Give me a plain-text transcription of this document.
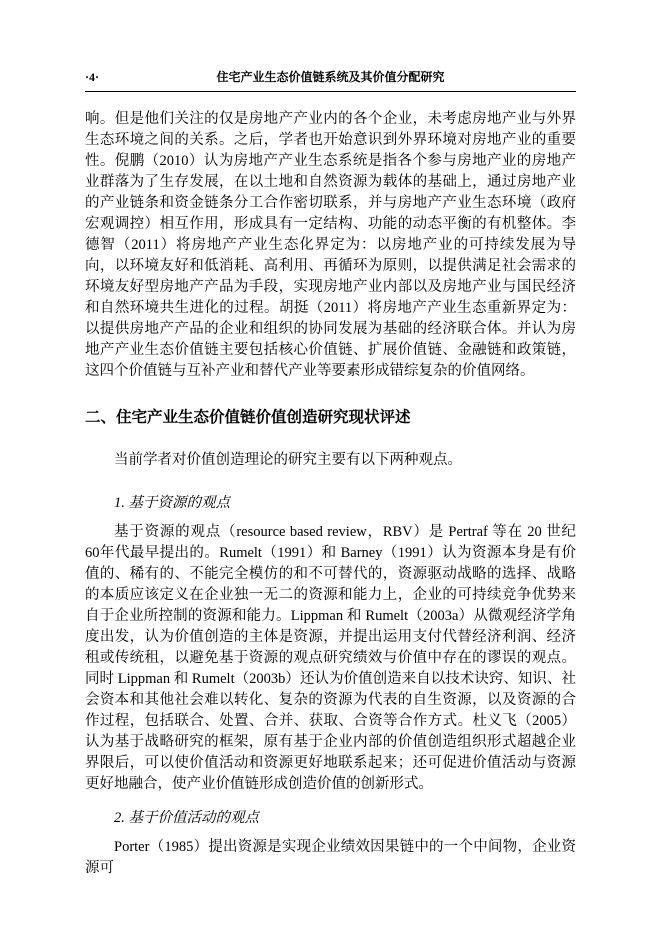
·4·	住宅产业生态价值链系统及其价值分配研究

响。但是他们关注的仅是房地产产业内的各个企业，未考虑房地产业与外界生态环境之间的关系。之后，学者也开始意识到外界环境对房地产业的重要性。倪鹏（2010）认为房地产产业生态系统是指各个参与房地产业的房地产业群落为了生存发展，在以土地和自然资源为载体的基础上，通过房地产业的产业链条和资金链条分工合作密切联系，并与房地产产业生态环境（政府宏观调控）相互作用，形成具有一定结构、功能的动态平衡的有机整体。李德智（2011）将房地产产业生态化界定为：以房地产业的可持续发展为导向，以环境友好和低消耗、高利用、再循环为原则，以提供满足社会需求的环境友好型房地产产品为手段，实现房地产业内部以及房地产业与国民经济和自然环境共生进化的过程。胡挺（2011）将房地产产业生态重新界定为：以提供房地产产品的企业和组织的协同发展为基础的经济联合体。并认为房地产产业生态价值链主要包括核心价值链、扩展价值链、金融链和政策链，这四个价值链与互补产业和替代产业等要素形成错综复杂的价值网络。

二、住宅产业生态价值链价值创造研究现状评述

当前学者对价值创造理论的研究主要有以下两种观点。

1. 基于资源的观点

基于资源的观点（resource based review，RBV）是 Pertraf 等在 20 世纪 60年代最早提出的。Rumelt（1991）和 Barney（1991）认为资源本身是有价值的、稀有的、不能完全模仿的和不可替代的，资源驱动战略的选择、战略的本质应该定义在企业独一无二的资源和能力上，企业的可持续竞争优势来自于企业所控制的资源和能力。Lippman 和 Rumelt（2003a）从微观经济学角度出发，认为价值创造的主体是资源，并提出运用支付代替经济利润、经济租或传统租，以避免基于资源的观点研究绩效与价值中存在的谬误的观点。同时 Lippman 和 Rumelt（2003b）还认为价值创造来自以技术诀窍、知识、社会资本和其他社会难以转化、复杂的资源为代表的自生资源，以及资源的合作过程，包括联合、处置、合并、获取、合资等合作方式。杜义飞（2005）认为基于战略研究的框架，原有基于企业内部的价值创造组织形式超越企业界限后，可以使价值活动和资源更好地联系起来；还可促进价值活动与资源更好地融合，使产业价值链形成创造价值的创新形式。

2. 基于价值活动的观点

Porter（1985）提出资源是实现企业绩效因果链中的一个中间物，企业资源可
